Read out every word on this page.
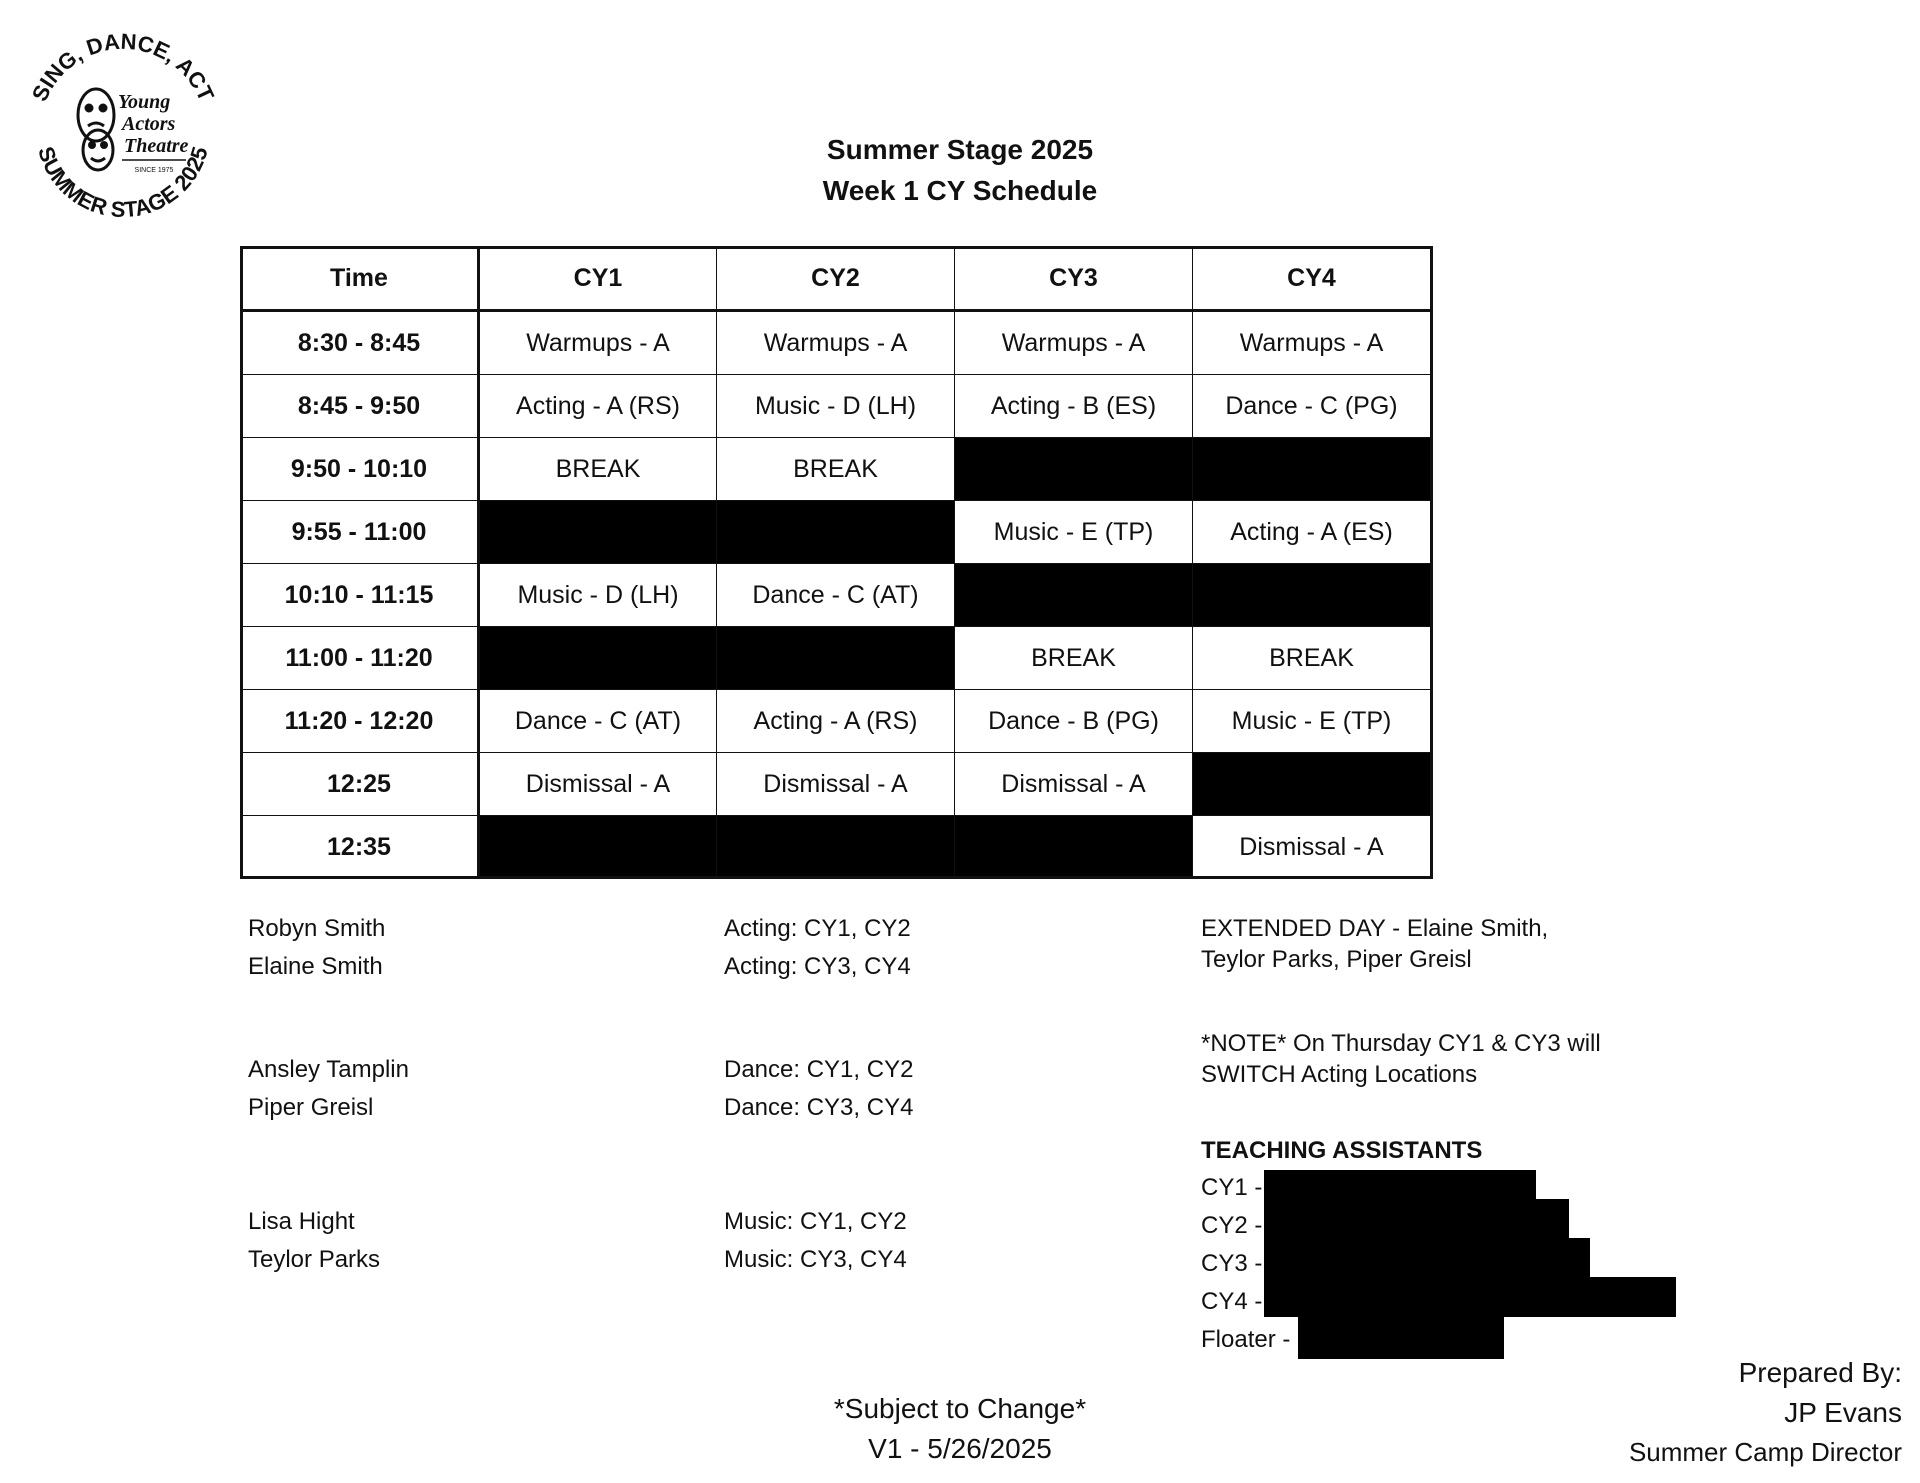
SING, DANCE, ACT
SUMMER STAGE 2025
Young Actors Theatre
SINCE 1975
Summer Stage 2025
Week 1 CY Schedule
Time	CY1	CY2	CY3	CY4
8:30 - 8:45	Warmups - A	Warmups - A	Warmups - A	Warmups - A
8:45 - 9:50	Acting - A (RS)	Music - D (LH)	Acting - B (ES)	Dance - C (PG)
9:50 - 10:10	BREAK	BREAK		
9:55 - 11:00			Music - E (TP)	Acting - A (ES)
10:10 - 11:15	Music - D (LH)	Dance - C (AT)		
11:00 - 11:20			BREAK	BREAK
11:20 - 12:20	Dance - C (AT)	Acting - A (RS)	Dance - B (PG)	Music - E (TP)
12:25	Dismissal - A	Dismissal - A	Dismissal - A	
12:35				Dismissal - A
Robyn Smith
Elaine Smith
Ansley Tamplin
Piper Greisl
Lisa Hight
Teylor Parks
Acting: CY1, CY2
Acting: CY3, CY4
Dance: CY1, CY2
Dance: CY3, CY4
Music: CY1, CY2
Music: CY3, CY4
EXTENDED DAY - Elaine Smith,
Teylor Parks, Piper Greisl
*NOTE* On Thursday CY1 & CY3 will
SWITCH Acting Locations
TEACHING ASSISTANTS
CY1 -
CY2 -
CY3 -
CY4 -
Floater -
*Subject to Change*
V1 - 5/26/2025
Prepared By:
JP Evans
Summer Camp Director
